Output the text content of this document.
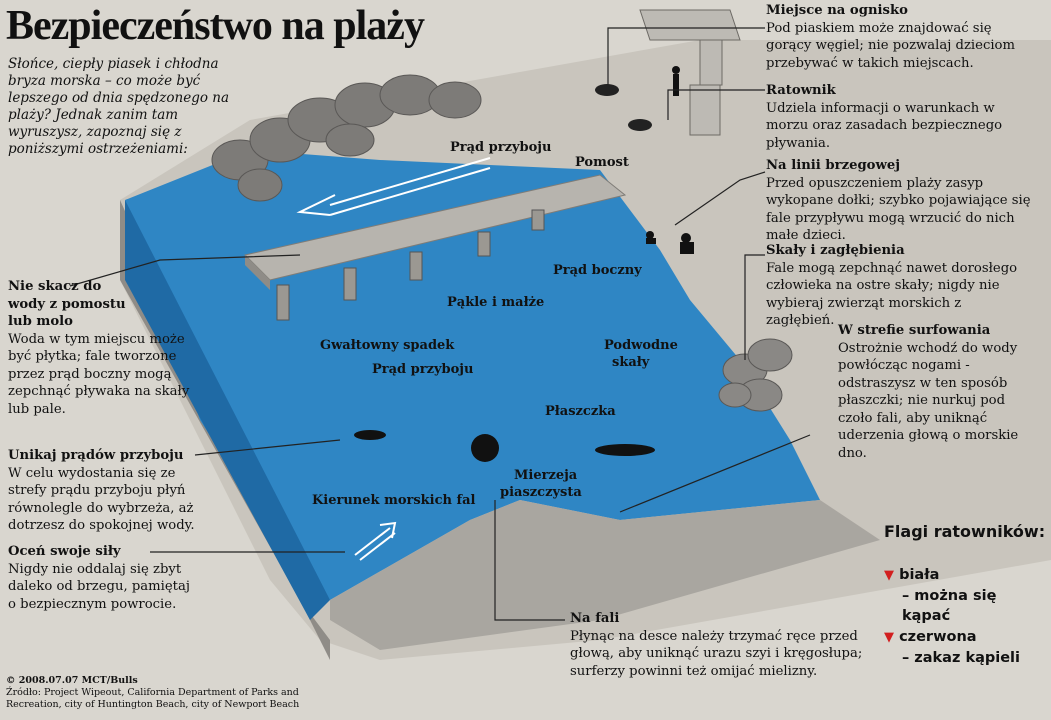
Bezpieczeństwo na plaży
Słońce, ciepły piasek i chłodna bryza morska – co może być lepszego od dnia spędzonego na plaży? Jednak zanim tam wyruszysz, zapoznaj się z poniższymi ostrzeżeniami:	Prąd przyboju
Pomost
Prąd boczny
Pąkle i małże
Gwałtowny spadek
Prąd przyboju
Podwodne
skały
Płaszczka
Mierzeja
piaszczysta
Kierunek morskich fal
Nie skacz do
wody z pomostu
lub molo
Woda w tym miejscu może być płytka; fale tworzone przez prąd boczny mogą zepchnąć pływaka na skały lub pale.
Unikaj prądów przyboju
W celu wydostania się ze strefy prądu przyboju płyń równolegle do wybrzeża, aż dotrzesz do spokojnej wody.
Oceń swoje siły
Nigdy nie oddalaj się zbyt daleko od brzegu, pamiętaj o bezpiecznym powrocie.
Miejsce na ognisko
Pod piaskiem może znajdować się gorący węgiel; nie pozwalaj dzieciom przebywać w takich miejscach.
Ratownik
Udziela informacji o warunkach w morzu oraz zasadach bezpiecznego pływania.
Na linii brzegowej
Przed opuszczeniem plaży zasyp wykopane dołki; szybko pojawiające się fale przypływu mogą wrzucić do nich małe dzieci.
Skały i zagłębienia
Fale mogą zepchnąć nawet dorosłego człowieka na ostre skały; nigdy nie wybieraj zwierząt morskich z zagłębień.
W strefie surfowania
Ostrożnie wchodź do wody powłócząc nogami - odstraszysz w ten sposób płaszczki; nie nurkuj pod czoło fali, aby uniknąć uderzenia głową o morskie dno.
Na fali
Płynąc na desce należy trzymać ręce przed głową, aby uniknąć urazu szyi i kręgosłupa; surferzy powinni też omijać mielizny.
Flagi ratowników:
▼ biała
– można się kąpać
▼ czerwona
– zakaz kąpieli
© 2008.07.07 MCT/Bulls
Źródło: Project Wipeout, California Department of Parks and Recreation, city of Huntington Beach, city of Newport Beach
